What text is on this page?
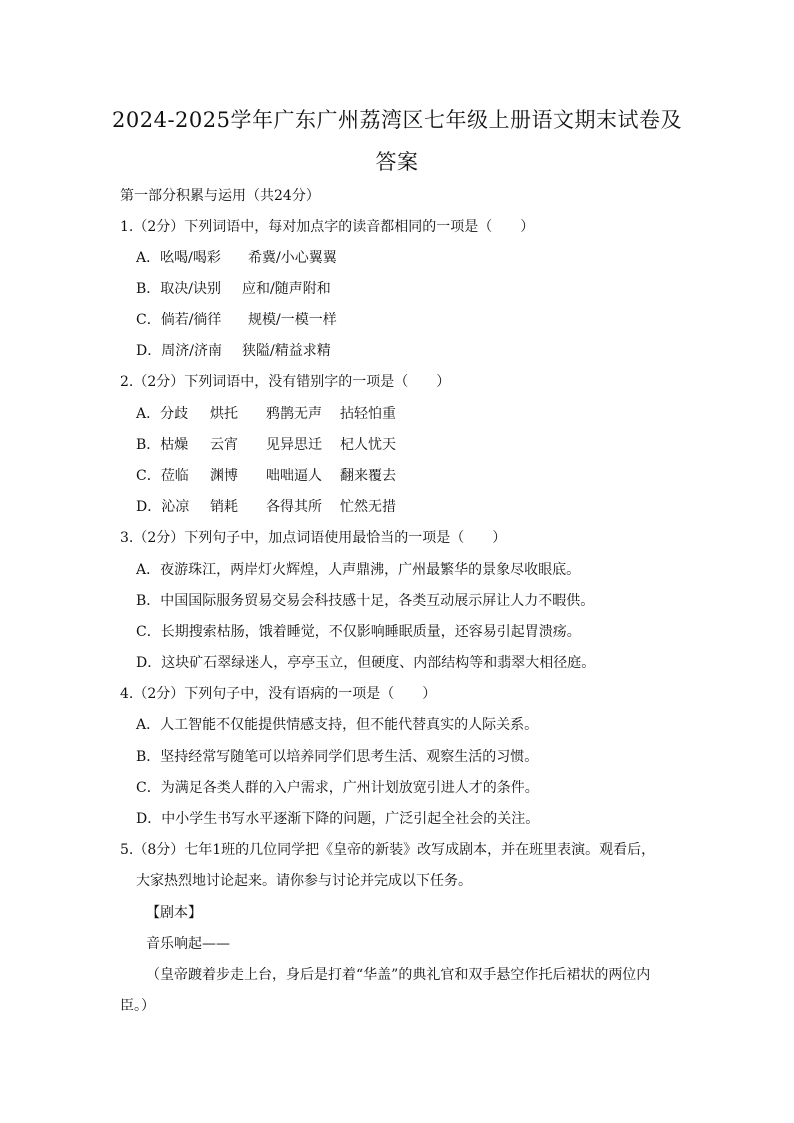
2024-2025学年广东广州荔湾区七年级上册语文期末试卷及
答案
第一部分积累与运用（共24分）
1.（2分）下列词语中，每对加点字的读音都相同的一项是（　　）
A．吆喝/喝彩 希冀/小心翼翼
B．取决/诀别 应和/随声附和
C．倘若/徜徉 规模/一模一样
D．周济/济南 狭隘/精益求精
2.（2分）下列词语中，没有错别字的一项是（　　）
A．分歧 烘托 鸦鹊无声 拈轻怕重
B．枯燥 云宵 见异思迁 杞人忧天
C．莅临 渊博 咄咄逼人 翻来覆去
D．沁凉 销耗 各得其所 忙然无措
3.（2分）下列句子中，加点词语使用最恰当的一项是（　　）
A．夜游珠江，两岸灯火辉煌，人声鼎沸，广州最繁华的景象尽收眼底。
B．中国国际服务贸易交易会科技感十足，各类互动展示屏让人力不暇供。
C．长期搜索枯肠，饿着睡觉，不仅影响睡眠质量，还容易引起胃溃疡。
D．这块矿石翠绿迷人，亭亭玉立，但硬度、内部结构等和翡翠大相径庭。
4.（2分）下列句子中，没有语病的一项是（　　）
A．人工智能不仅能提供情感支持，但不能代替真实的人际关系。
B．坚持经常写随笔可以培养同学们思考生活、观察生活的习惯。
C．为满足各类人群的入户需求，广州计划放宽引进人才的条件。
D．中小学生书写水平逐渐下降的问题，广泛引起全社会的关注。
5.（8分）七年1班的几位同学把《皇帝的新装》改写成剧本，并在班里表演。观看后，
大家热烈地讨论起来。请你参与讨论并完成以下任务。
【剧本】
音乐响起——
（皇帝踱着步走上台，身后是打着“华盖”的典礼官和双手悬空作托后裙状的两位内
臣。）
